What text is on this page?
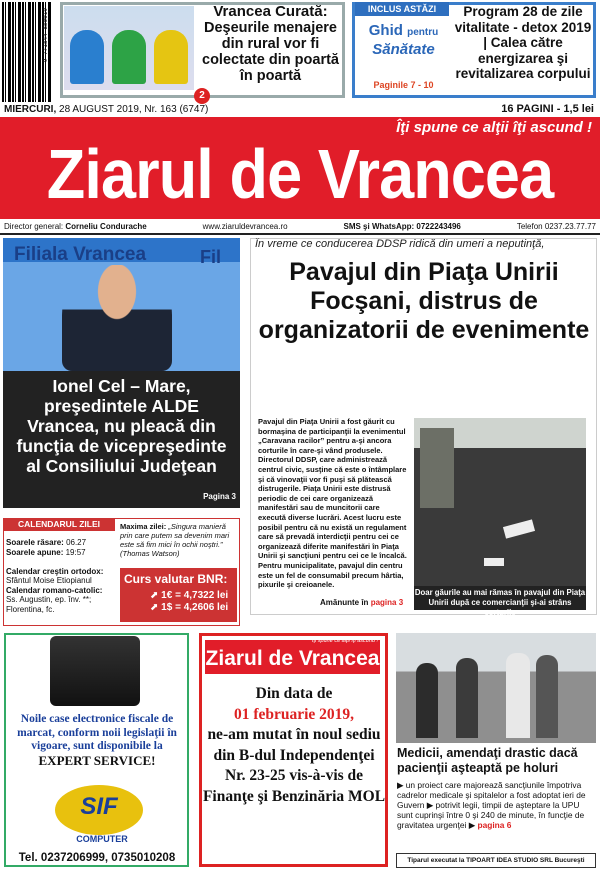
9 771844 850019	Vrancea Curată:
Deşeurile menajere din rural vor fi colectate din poartă în poartă
2
INCLUS ASTĂZI
Ghid pentru
Sănătate
Paginile 7 - 10
Program 28 de zile vitalitate - detox 2019 | Calea către energizarea şi revitalizarea corpului
MIERCURI, 28 AUGUST 2019, Nr. 163 (6747)	16 PAGINI - 1,5 lei
Îţi spune ce alţii îţi ascund !
Ziarul de Vrancea
Director general: Corneliu Condurache	www.ziaruldevrancea.ro	SMS şi WhatsApp: 0722243496	Telefon 0237.23.77.77
Filiala Vrancea	Fil
Ionel Cel – Mare, preşedintele ALDE Vrancea, nu pleacă din funcţia de vicepreşedinte al Consiliului Judeţean
Pagina 3
CALENDARUL ZILEI
Soarele răsare: 06.27
Soarele apune: 19:57

Calendar creştin ortodox:
Sfântul Moise Etiopianul
Calendar romano-catolic:
Ss. Augustin, ep. înv. **; Florentina, fc.
Maxima zilei: „Singura manieră prin care putem sa devenim mari este să fim mici în ochii noştri.” (Thomas Watson)
Curs valutar BNR:
⬈ 1€ = 4,7322 lei
⬈ 1$ = 4,2606 lei
În vreme ce conducerea DDSP ridică din umeri a neputinţă,
Pavajul din Piaţa Unirii Focşani, distrus de organizatorii de evenimente
Pavajul din Piaţa Unirii a fost găurit cu bormaşina de participanţii la evenimentul „Caravana racilor” pentru a-şi ancora corturile în care-şi vând produsele. Directorul DDSP, care administrează centrul civic, susţine că este o întâmplare şi că vinovaţii vor fi puşi să plătească distrugerile. Piaţa Unirii este distrusă periodic de cei care organizează manifestări sau de muncitorii care execută diverse lucrări. Acest lucru este posibil pentru că nu există un regulament care să prevadă interdicţii pentru cei ce organizează diferite manifestări în Piaţa Unirii şi sancţiuni pentru cei ce le încalcă. Pentru municipalitate, pavajul din centru este un fel de consumabil precum hârtia, pixurile şi creioanele.
Amănunte în pagina 3
Doar găurile au mai rămas în pavajul din Piaţa Unirii după ce comercianţii şi-ai strâns corturile
Noile case electronice fiscale de marcat, conform noii legislaţii în vigoare, sunt disponibile la
EXPERT SERVICE!
SIF
COMPUTER
Tel. 0237206999, 0735010208
Ziarul de Vrancea
Îţi spune ce alţii îţi ascund !
Din data de
01 februarie 2019,
ne-am mutat în noul sediu din B-dul Independenţei Nr. 23-25 vis-à-vis de Finanţe şi Benzinăria MOL
Medicii, amendaţi drastic dacă pacienţii aşteaptă pe holuri
▶ un proiect care majorează sancţiunile împotriva cadrelor medicale şi spitalelor a fost adoptat ieri de Guvern ▶ potrivit legii, timpii de aşteptare la UPU sunt cuprinşi între 0 şi 240 de minute, în funcţie de gravitatea urgenţei ▶ pagina 6
Tiparul executat la TIPOART IDEA STUDIO SRL Bucureşti
